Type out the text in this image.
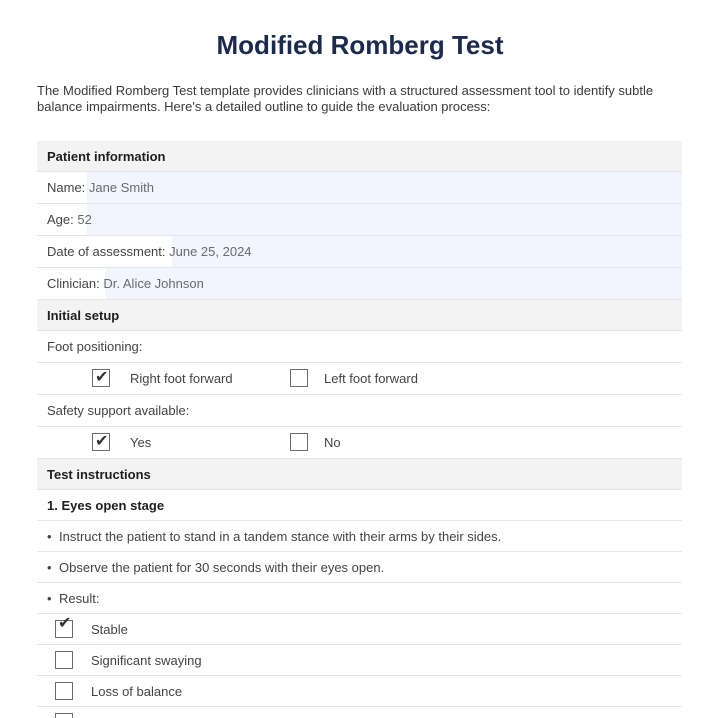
Modified Romberg Test
The Modified Romberg Test template provides clinicians with a structured assessment tool to identify subtle balance impairments. Here's a detailed outline to guide the evaluation process:
Patient information
Name: Jane Smith
Age: 52
Date of assessment: June 25, 2024
Clinician: Dr. Alice Johnson
Initial setup
Foot positioning:
✔ Right foot forward	Left foot forward
Safety support available:
✔ Yes	No
Test instructions
1. Eyes open stage
• Instruct the patient to stand in a tandem stance with their arms by their sides.
• Observe the patient for 30 seconds with their eyes open.
• Result:
✔ Stable
Significant swaying
Loss of balance
